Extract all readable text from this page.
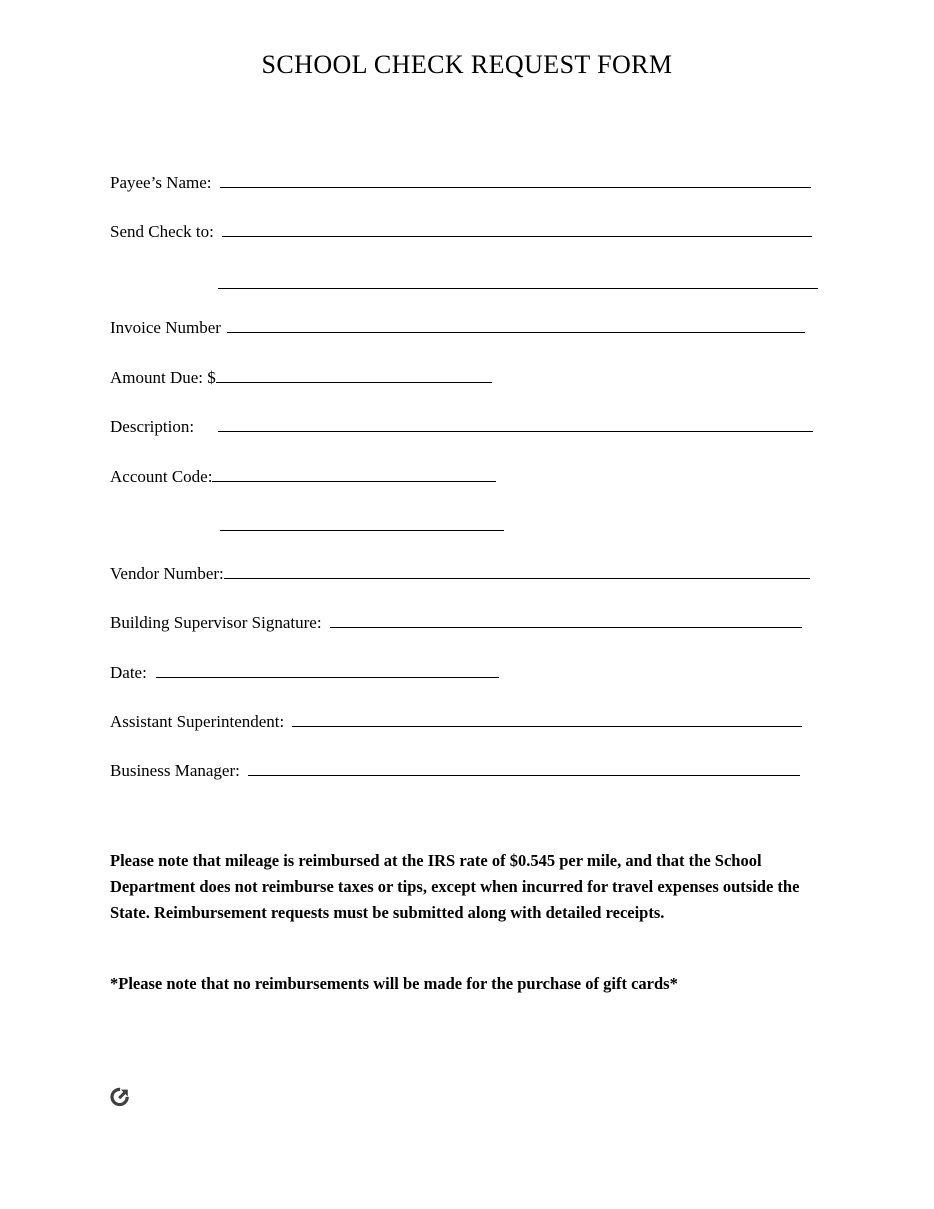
SCHOOL CHECK REQUEST FORM
Payee’s Name:
Send Check to:
Invoice Number
Amount Due: $
Description:
Account Code:
Vendor Number:
Building Supervisor Signature:
Date:
Assistant Superintendent:
Business Manager:
Please note that mileage is reimbursed at the IRS rate of $0.545 per mile, and that the School Department does not reimburse taxes or tips, except when incurred for travel expenses outside the State. Reimbursement requests must be submitted along with detailed receipts.
*Please note that no reimbursements will be made for the purchase of gift cards*
